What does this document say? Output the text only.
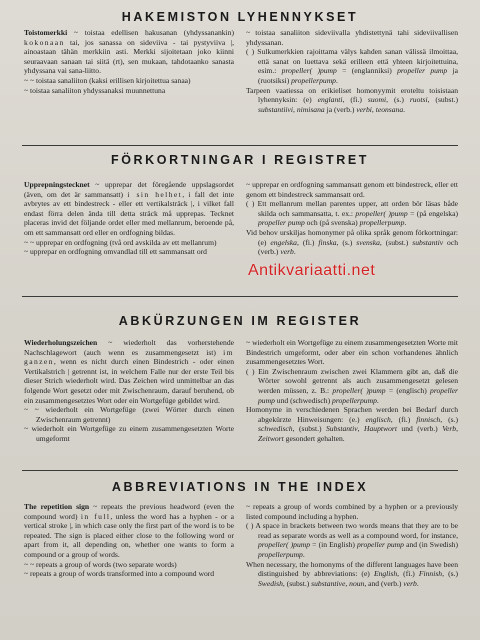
HAKEMISTON LYHENNYKSET

Toistomerkki ~ toistaa edellisen hakusanan (yhdyssanankin) kokonaan tai, jos sanassa on sideviiva - tai pystyviiva |, ainoastaan tähän merkkiin asti. Merkki sijoitetaan joko kiinni seuraavaan sanaan tai siitä (rt), sen mukaan, tahdotaanko sanasta yhdyssana vai sana-liitto.

~ ~ toistaa sanaliiton (kaksi erillisen kirjoitettua sanaa)

~ toistaa sanaliiton yhdyssanaksi muunnettuna

~ toistaa sanaliiton sideviivalla yhdistettynä tahi sideviivallisen yhdyssanan.

( ) Sulkumerkkien rajoittama välys kahden sanan välissä ilmoittaa, että sanat on luettava sekä erilleen että yhteen kirjoitettuina, esim.: propeller( )pump = (englanniksi) propeller pump ja (ruotsiksi) propellerpump.

Tarpeen vaatiessa on erikieliset homonyymit eroteltu toisistaan lyhennyksin: (e) englanti, (fi.) suomi, (s.) ruotsi, (subst.) substantiivi, nimisana ja (verb.) verbi, teonsana.

FÖRKORTNINGAR I REGISTRET

Upprepningstecknet ~ upprepar det föregående uppslagsordet (även, om det är sammansatt) i sin helhet, i fall det inte avbrytes av ett bindestreck - eller ett vertikalsträck |, i vilket fall endast förra delen ända till detta sträck må upprepas. Tecknet placeras invid det följande ordet eller med mellanrum, beroende på, om ett sammansatt ord eller en ordfogning bildas.

~ ~ upprepar en ordfogning (två ord avskilda av ett mellanrum)

~ upprepar en ordfogning omvandlad till ett sammansatt ord

~ upprepar en ordfogning sammansatt genom ett bindestreck, eller ett genom ett bindestreck sammansatt ord.

( ) Ett mellanrum mellan parentes upper, att orden bör läsas både skilda och sammansatta, t. ex.: propeller( )pump = (på engelska) propeller pump och (på svenska) propellerpump.

Vid behov urskiljas homonymer på olika språk genom förkortningar: (e) engelska, (fi.) finska, (s.) svenska, (subst.) substantiv och (verb.) verb.

ABKÜRZUNGEN IM REGISTER

Wiederholungszeichen ~ wiederholt das vorherstehende Nachschlagewort (auch wenn es zusammengesetzt ist) im ganzen, wenn es nicht durch einen Bindestrich - oder einen Vertikalstrich | getrennt ist, in welchem Falle nur der erste Teil bis dieser Strich wiederholt wird. Das Zeichen wird unmittelbar an das folgende Wort gesetzt oder mit Zwischenraum, darauf beruhend, ob ein zusammengesetztes Wort oder ein Wortgefüge gebildet wird.

~ ~ wiederholt ein Wortgefüge (zwei Wörter durch einen Zwischenraum getrennt)

~ wiederholt ein Wortgefüge zu einem zusammengesetzten Worte umgeformt

~ wiederholt ein Wortgefüge zu einem zusammengesetzten Worte mit Bindestrich umgeformt, oder aber ein schon vorhandenes ähnlich zusammengesetztes Wort.

( ) Ein Zwischenraum zwischen zwei Klammern gibt an, daß die Wörter sowohl getrennt als auch zusammengesetzt gelesen werden müssen, z. B.: propeller( )pump = (englisch) propeller pump und (schwedisch) propellerpump.

Homonyme in verschiedenen Sprachen werden bei Bedarf durch abgekürzte Hinweisungen: (e.) englisch, (fi.) finnisch, (s.) schwedisch, (subst.) Substantiv, Hauptwort und (verb.) Verb, Zeitwort gesondert gehalten.

ABBREVIATIONS IN THE INDEX

The repetition sign ~ repeats the previous headword (even the compound word) in full, unless the word has a hyphen - or a vertical stroke |, in which case only the first part of the word is to be repeated. The sign is placed either close to the following word or apart from it, all depending on, whether one wants to form a compound or a group of words.

~ ~ repeats a group of words (two separate words)

~ repeats a group of words transformed into a compound word

~ repeats a group of words combined by a hyphen or a previously listed compound including a hyphen.

( ) A space in brackets between two words means that they are to be read as separate words as well as a compound word, for instance, propeller( )pump = (in English) propeller pump and (in Swedish) propellerpump.

When necessary, the homonyms of the different languages have been distinguished by abbreviations: (e) English, (fi.) Finnish, (s.) Swedish, (subst.) substantive, noun, and (verb.) verb.

Antikvariaatti.net
